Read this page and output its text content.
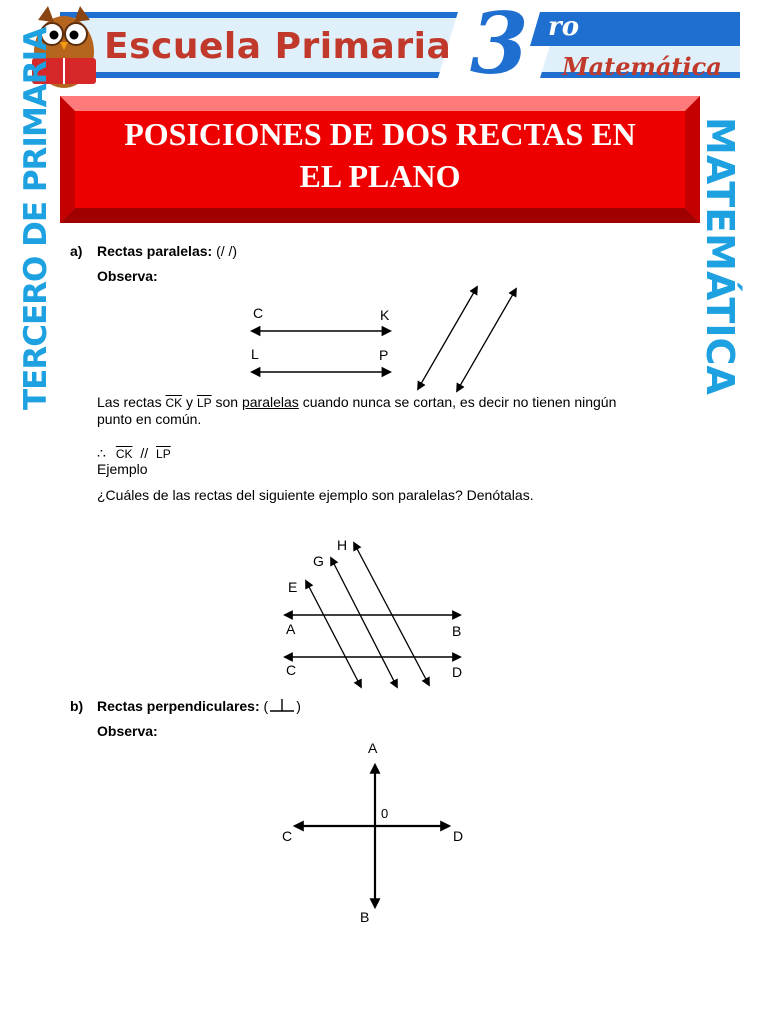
Escuela Primaria 3 ro
Matemática
POSICIONES DE DOS RECTAS EN
EL PLANO
TERCERO DE PRIMARIA	MATEMÁTICA
a) Rectas paralelas: (/ /)
Observa:
C	K
L	P
Las rectas $\overline{CK}$ y $\overline{LP}$ son paralelas cuando nunca se cortan, es decir no tienen ningún
punto en común.
∴ $\overline{CK} // \overline{LP}$
Ejemplo
¿Cuáles de las rectas del siguiente ejemplo son paralelas? Denótalas.
H
G
E
A	B
C	D
b) Rectas perpendiculares: ( )
Observa:
A
B
C	D
0
